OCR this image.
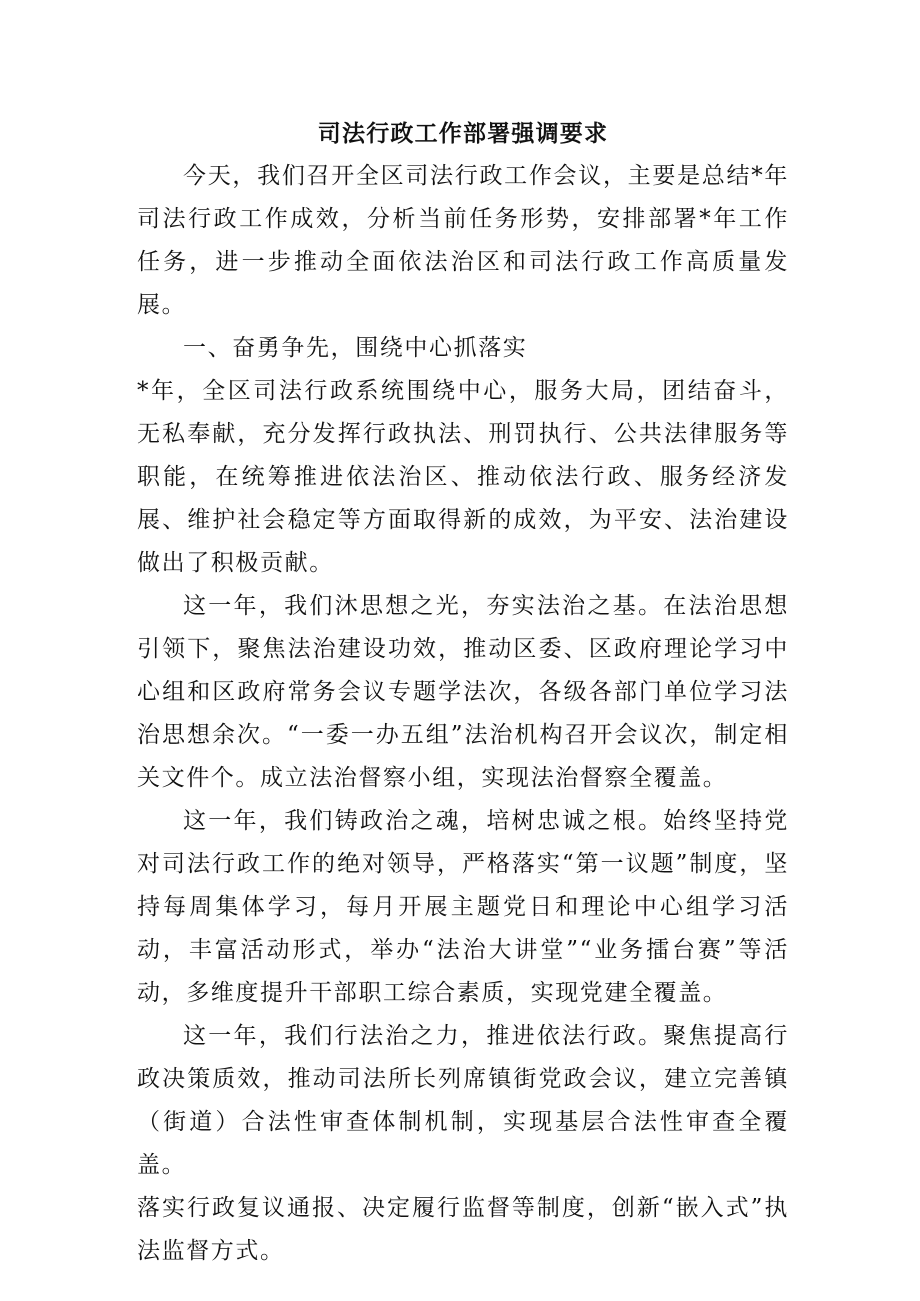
司法行政工作部署强调要求

今天，我们召开全区司法行政工作会议，主要是总结*年司法行政工作成效，分析当前任务形势，安排部署*年工作任务，进一步推动全面依法治区和司法行政工作高质量发展。

一、奋勇争先，围绕中心抓落实

*年，全区司法行政系统围绕中心，服务大局，团结奋斗，无私奉献，充分发挥行政执法、刑罚执行、公共法律服务等职能，在统筹推进依法治区、推动依法行政、服务经济发展、维护社会稳定等方面取得新的成效，为平安、法治建设做出了积极贡献。

这一年，我们沐思想之光，夯实法治之基。在法治思想引领下，聚焦法治建设功效，推动区委、区政府理论学习中心组和区政府常务会议专题学法次，各级各部门单位学习法治思想余次。“一委一办五组”法治机构召开会议次，制定相关文件个。成立法治督察小组，实现法治督察全覆盖。

这一年，我们铸政治之魂，培树忠诚之根。始终坚持党对司法行政工作的绝对领导，严格落实“第一议题”制度，坚持每周集体学习，每月开展主题党日和理论中心组学习活动，丰富活动形式，举办“法治大讲堂”“业务擂台赛”等活动，多维度提升干部职工综合素质，实现党建全覆盖。

这一年，我们行法治之力，推进依法行政。聚焦提高行政决策质效，推动司法所长列席镇街党政会议，建立完善镇（街道）合法性审查体制机制，实现基层合法性审查全覆盖。

落实行政复议通报、决定履行监督等制度，创新“嵌入式”执法监督方式。
